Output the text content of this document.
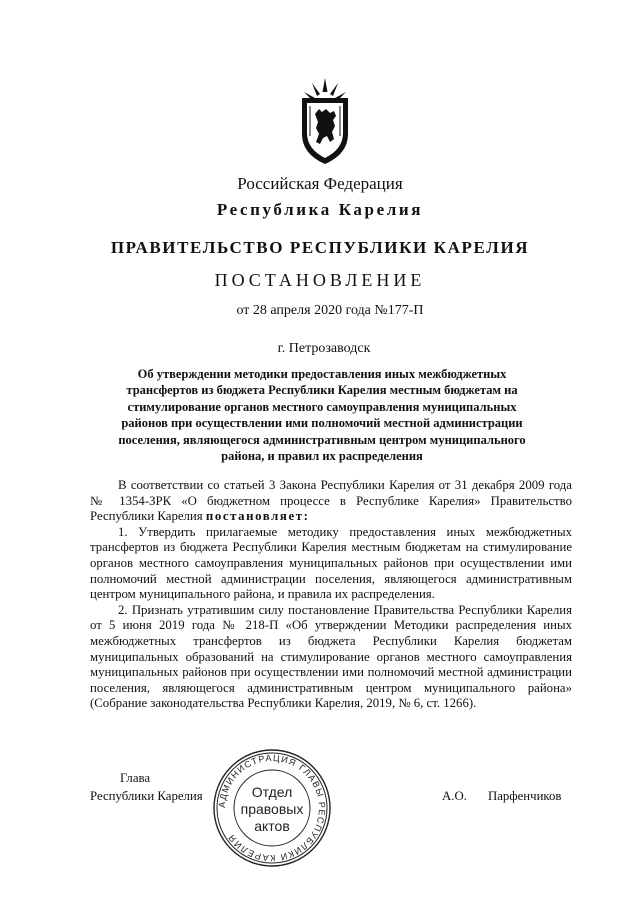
Российская Федерация
Республика Карелия
ПРАВИТЕЛЬСТВО РЕСПУБЛИКИ КАРЕЛИЯ
ПОСТАНОВЛЕНИЕ
от 28 апреля 2020 года №177-П
г. Петрозаводск
Об утверждении методики предоставления иных межбюджетных
трансфертов из бюджета Республики Карелия местным бюджетам на
стимулирование органов местного самоуправления муниципальных
районов при осуществлении ими полномочий местной администрации
поселения, являющегося административным центром муниципального
района, и правил их распределения

В соответствии со статьей 3 Закона Республики Карелия от 31 декабря 2009 года № 1354-ЗРК «О бюджетном процессе в Республике Карелия» Правительство Республики Карелия постановляет:

1. Утвердить прилагаемые методику предоставления иных межбюджетных трансфертов из бюджета Республики Карелия местным бюджетам на стимулирование органов местного самоуправления муниципальных районов при осуществлении ими полномочий местной администрации поселения, являющегося административным центром муниципального района, и правила их распределения.

2. Признать утратившим силу постановление Правительства Республики Карелия от 5 июня 2019 года № 218-П «Об утверждении Методики распределения иных межбюджетных трансфертов из бюджета Республики Карелия бюджетам муниципальных образований на стимулирование органов местного самоуправления муниципальных районов при осуществлении ими полномочий местной администрации поселения, являющегося административным центром муниципального района» (Собрание законодательства Республики Карелия, 2019, № 6, ст. 1266).

Глава
Республики Карелия	А.О. Парфенчиков
АДМИНИСТРАЦИЯ ГЛАВЫ РЕСПУБЛИКИ КАРЕЛИЯ
Отдел
правовых
актов
